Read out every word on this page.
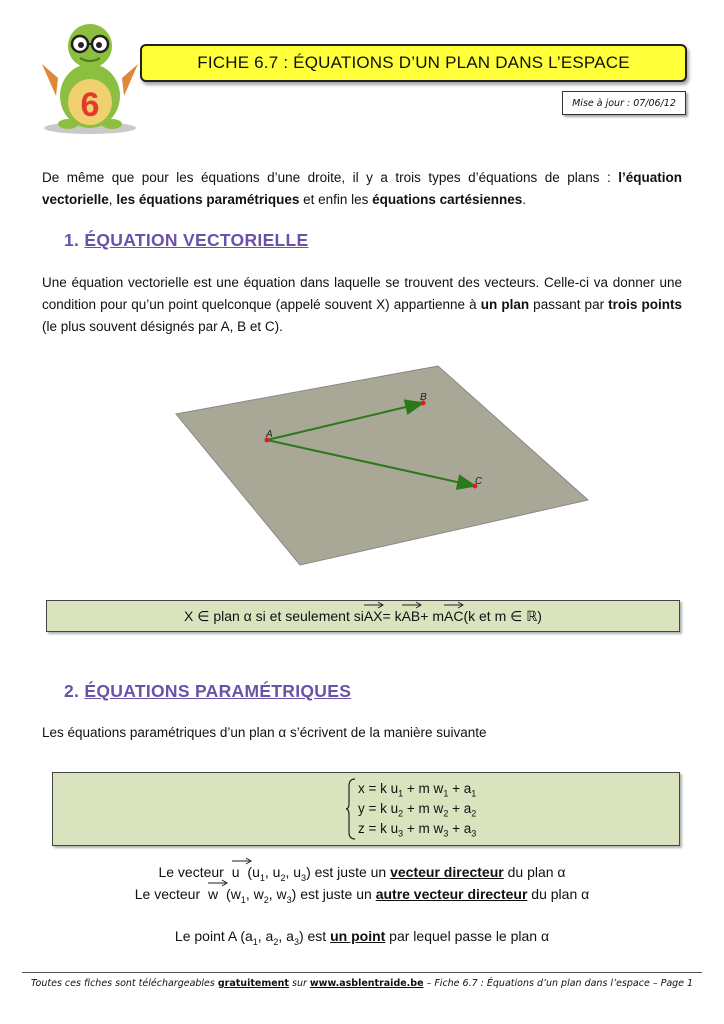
6
FICHE 6.7 : ÉQUATIONS D’UN PLAN DANS L’ESPACE
Mise à jour : 07/06/12
De même que pour les équations d’une droite, il y a trois types d’équations de plans : l’équation vectorielle, les équations paramétriques et enfin les équations cartésiennes.
1. ÉQUATION VECTORIELLE
Une équation vectorielle est une équation dans laquelle se trouvent des vecteurs. Celle-ci va donner une condition pour qu’un point quelconque (appelé souvent X) appartienne à un plan passant par trois points (le plus souvent désignés par A, B et C).
A
B
C
X ∈ plan α si et seulement si AX = k AB + m AC (k et m ∈ ℝ)
2. ÉQUATIONS PARAMÉTRIQUES
Les équations paramétriques d’un plan α s’écrivent de la manière suivante
x = k $u_1 + m$ $w_1 + a_1$
y = k $u_2 + m$ $w_2 + a_2$
z = k $u_3 + m$ $w_3 + a_3$
Le vecteur
u ($u_1$, $u_2$, $u_3$) est juste un vecteur directeur du plan α
Le vecteur
w ($w_1$, $w_2$, $w_3$) est juste un autre vecteur directeur du plan α
Le point A ($a_1$, $a_2$, $a_3$) est un point par lequel passe le plan α
Toutes ces fiches sont téléchargeables gratuitement sur www.asblentraide.be – Fiche 6.7 : Équations d’un plan dans l’espace – Page 1
